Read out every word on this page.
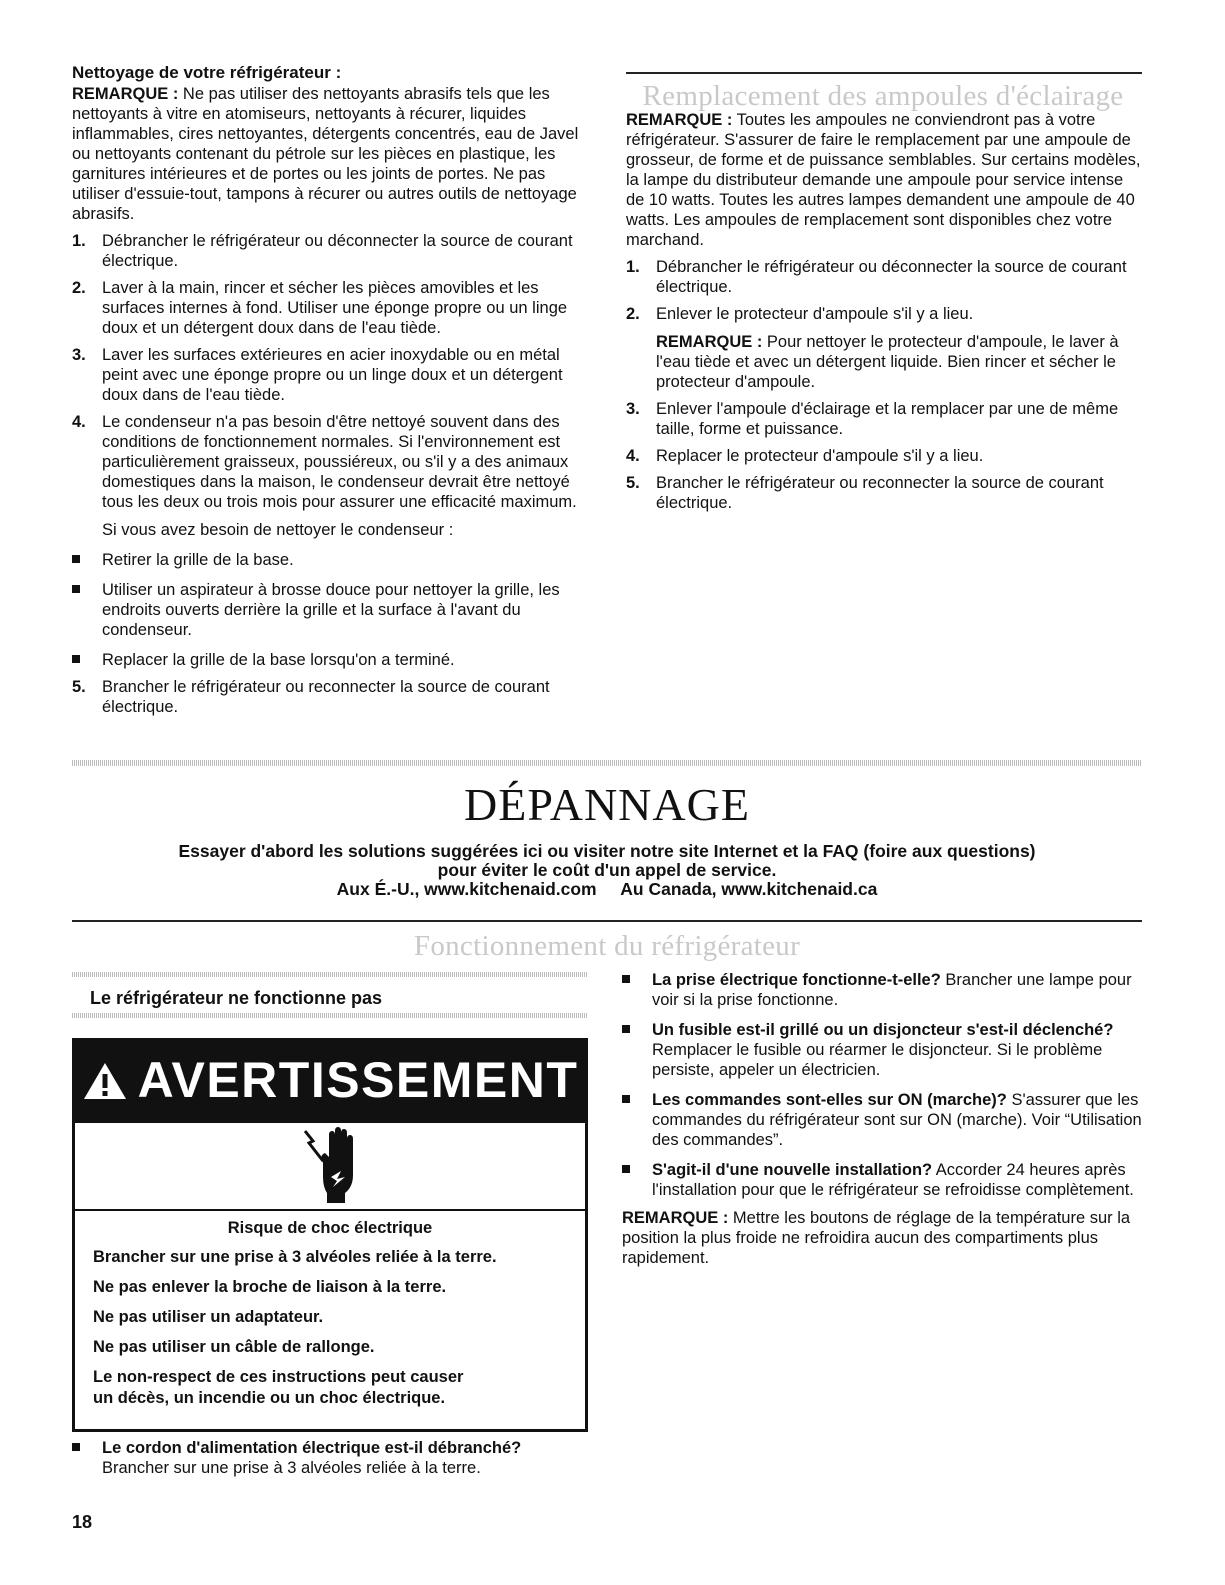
Nettoyage de votre réfrigérateur :

REMARQUE : Ne pas utiliser des nettoyants abrasifs tels que les nettoyants à vitre en atomiseurs, nettoyants à récurer, liquides inflammables, cires nettoyantes, détergents concentrés, eau de Javel ou nettoyants contenant du pétrole sur les pièces en plastique, les garnitures intérieures et de portes ou les joints de portes. Ne pas utiliser d'essuie-tout, tampons à récurer ou autres outils de nettoyage abrasifs.

1. Débrancher le réfrigérateur ou déconnecter la source de courant électrique.
2. Laver à la main, rincer et sécher les pièces amovibles et les surfaces internes à fond. Utiliser une éponge propre ou un linge doux et un détergent doux dans de l'eau tiède.
3. Laver les surfaces extérieures en acier inoxydable ou en métal peint avec une éponge propre ou un linge doux et un détergent doux dans de l'eau tiède.
4. Le condenseur n'a pas besoin d'être nettoyé souvent dans des conditions de fonctionnement normales. Si l'environnement est particulièrement graisseux, poussiéreux, ou s'il y a des animaux domestiques dans la maison, le condenseur devrait être nettoyé tous les deux ou trois mois pour assurer une efficacité maximum.

Si vous avez besoin de nettoyer le condenseur :

Retirer la grille de la base.
Utiliser un aspirateur à brosse douce pour nettoyer la grille, les endroits ouverts derrière la grille et la surface à l'avant du condenseur.
Replacer la grille de la base lorsqu'on a terminé.
5. Brancher le réfrigérateur ou reconnecter la source de courant électrique.
Remplacement des ampoules d'éclairage

REMARQUE : Toutes les ampoules ne conviendront pas à votre réfrigérateur. S'assurer de faire le remplacement par une ampoule de grosseur, de forme et de puissance semblables. Sur certains modèles, la lampe du distributeur demande une ampoule pour service intense de 10 watts. Toutes les autres lampes demandent une ampoule de 40 watts. Les ampoules de remplacement sont disponibles chez votre marchand.

1. Débrancher le réfrigérateur ou déconnecter la source de courant électrique.
2. Enlever le protecteur d'ampoule s'il y a lieu.

REMARQUE : Pour nettoyer le protecteur d'ampoule, le laver à l'eau tiède et avec un détergent liquide. Bien rincer et sécher le protecteur d'ampoule.

3. Enlever l'ampoule d'éclairage et la remplacer par une de même taille, forme et puissance.
4. Replacer le protecteur d'ampoule s'il y a lieu.
5. Brancher le réfrigérateur ou reconnecter la source de courant électrique.
DÉPANNAGE
Essayer d'abord les solutions suggérées ici ou visiter notre site Internet et la FAQ (foire aux questions)
pour éviter le coût d'un appel de service.
Aux É.-U., www.kitchenaid.com     Au Canada, www.kitchenaid.ca
Fonctionnement du réfrigérateur
Le réfrigérateur ne fonctionne pas
AVERTISSEMENT
Risque de choc électrique
Brancher sur une prise à 3 alvéoles reliée à la terre.
Ne pas enlever la broche de liaison à la terre.
Ne pas utiliser un adaptateur.
Ne pas utiliser un câble de rallonge.
Le non-respect de ces instructions peut causer
un décès, un incendie ou un choc électrique.
Le cordon d'alimentation électrique est-il débranché?
Brancher sur une prise à 3 alvéoles reliée à la terre.
La prise électrique fonctionne-t-elle? Brancher une lampe pour voir si la prise fonctionne.
Un fusible est-il grillé ou un disjoncteur s'est-il déclenché? Remplacer le fusible ou réarmer le disjoncteur. Si le problème persiste, appeler un électricien.
Les commandes sont-elles sur ON (marche)? S'assurer que les commandes du réfrigérateur sont sur ON (marche). Voir “Utilisation des commandes”.
S'agit-il d'une nouvelle installation? Accorder 24 heures après l'installation pour que le réfrigérateur se refroidisse complètement.

REMARQUE : Mettre les boutons de réglage de la température sur la position la plus froide ne refroidira aucun des compartiments plus rapidement.

18
